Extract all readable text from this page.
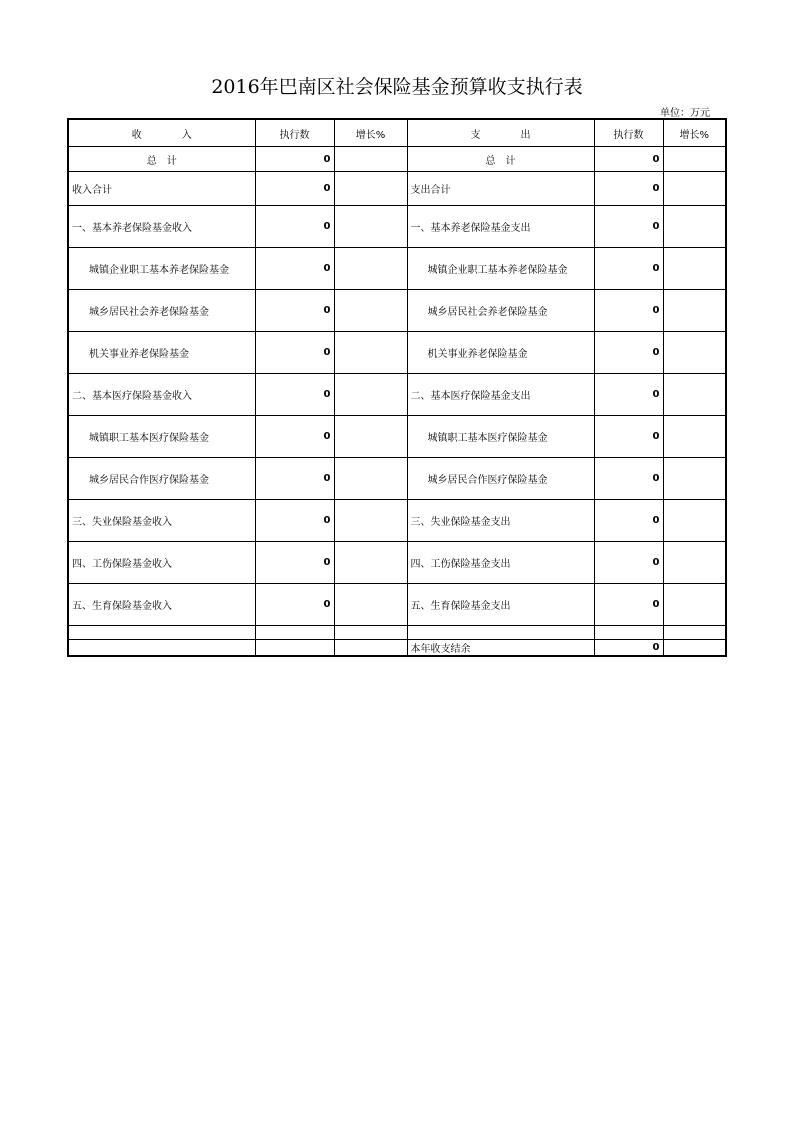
2016年巴南区社会保险基金预算收支执行表
单位：万元
收　　　　入	执行数	增长%	支　　　　出	执行数	增长%
总　计	0		总　计	0	
收入合计	0		支出合计	0	
一、基本养老保险基金收入	0		一、基本养老保险基金支出	0	
城镇企业职工基本养老保险基金	0		城镇企业职工基本养老保险基金	0	
城乡居民社会养老保险基金	0		城乡居民社会养老保险基金	0	
机关事业养老保险基金	0		机关事业养老保险基金	0	
二、基本医疗保险基金收入	0		二、基本医疗保险基金支出	0	
城镇职工基本医疗保险基金	0		城镇职工基本医疗保险基金	0	
城乡居民合作医疗保险基金	0		城乡居民合作医疗保险基金	0	
三、失业保险基金收入	0		三、失业保险基金支出	0	
四、工伤保险基金收入	0		四、工伤保险基金支出	0	
五、生育保险基金收入	0		五、生育保险基金支出	0	

			本年收支结余	0	
